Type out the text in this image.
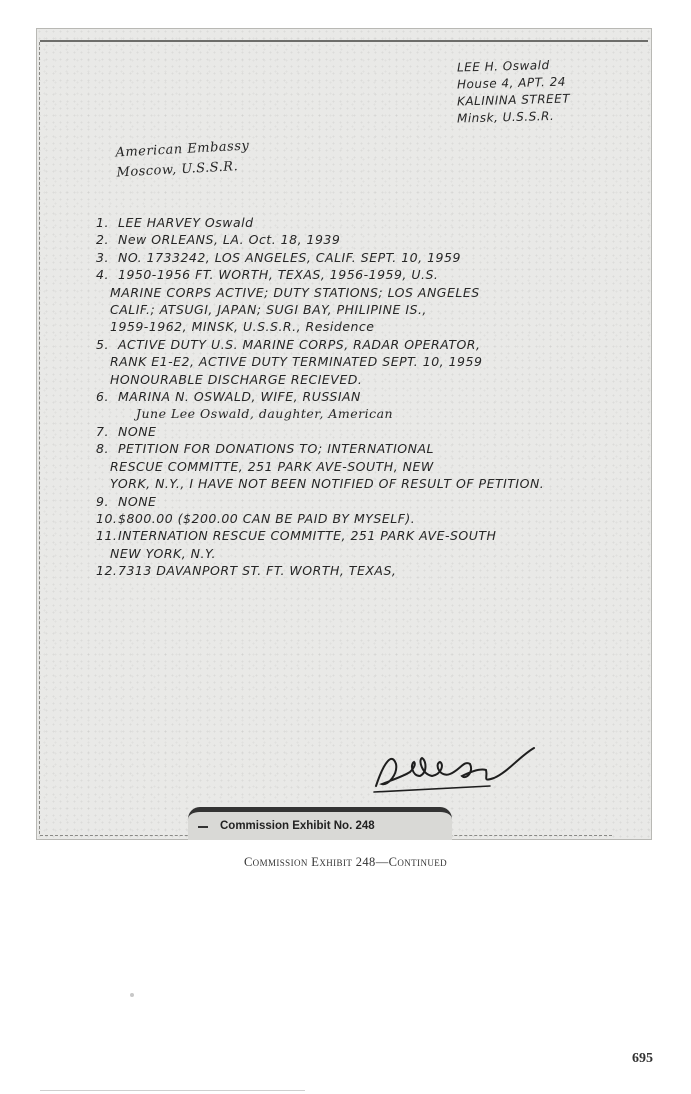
LEE H. Oswald
House 4, APT. 24
KALININA STREET
Minsk, U.S.S.R.
American Embassy
Moscow, U.S.S.R.
1. LEE HARVEY Oswald
2. New ORLEANS, LA. Oct. 18, 1939
3. NO. 1733242, LOS ANGELES, CALIF. SEPT. 10, 1959
4. 1950-1956 FT. WORTH, TEXAS, 1956-1959, U.S.
MARINE CORPS ACTIVE; DUTY STATIONS; LOS ANGELES
CALIF.; ATSUGI, JAPAN; SUGI BAY, PHILIPINE IS.,
1959-1962, MINSK, U.S.S.R., Residence
5. ACTIVE DUTY U.S. MARINE CORPS, RADAR OPERATOR,
RANK E1-E2, ACTIVE DUTY TERMINATED SEPT. 10, 1959
HONOURABLE DISCHARGE RECIEVED.
6. MARINA N. OSWALD, WIFE, RUSSIAN
June Lee Oswald, daughter, American
7. NONE
8. PETITION FOR DONATIONS TO; INTERNATIONAL
RESCUE COMMITTE, 251 PARK AVE-SOUTH, NEW
YORK, N.Y., I HAVE NOT BEEN NOTIFIED OF RESULT OF PETITION.
9. NONE
10.$800.00 ($200.00 CAN BE PAID BY MYSELF).
11.INTERNATION RESCUE COMMITTE, 251 PARK AVE-SOUTH
NEW YORK, N.Y.
12.7313 DAVANPORT ST. FT. WORTH, TEXAS,
Commission Exhibit No. 248
Commission Exhibit 248—Continued
695
